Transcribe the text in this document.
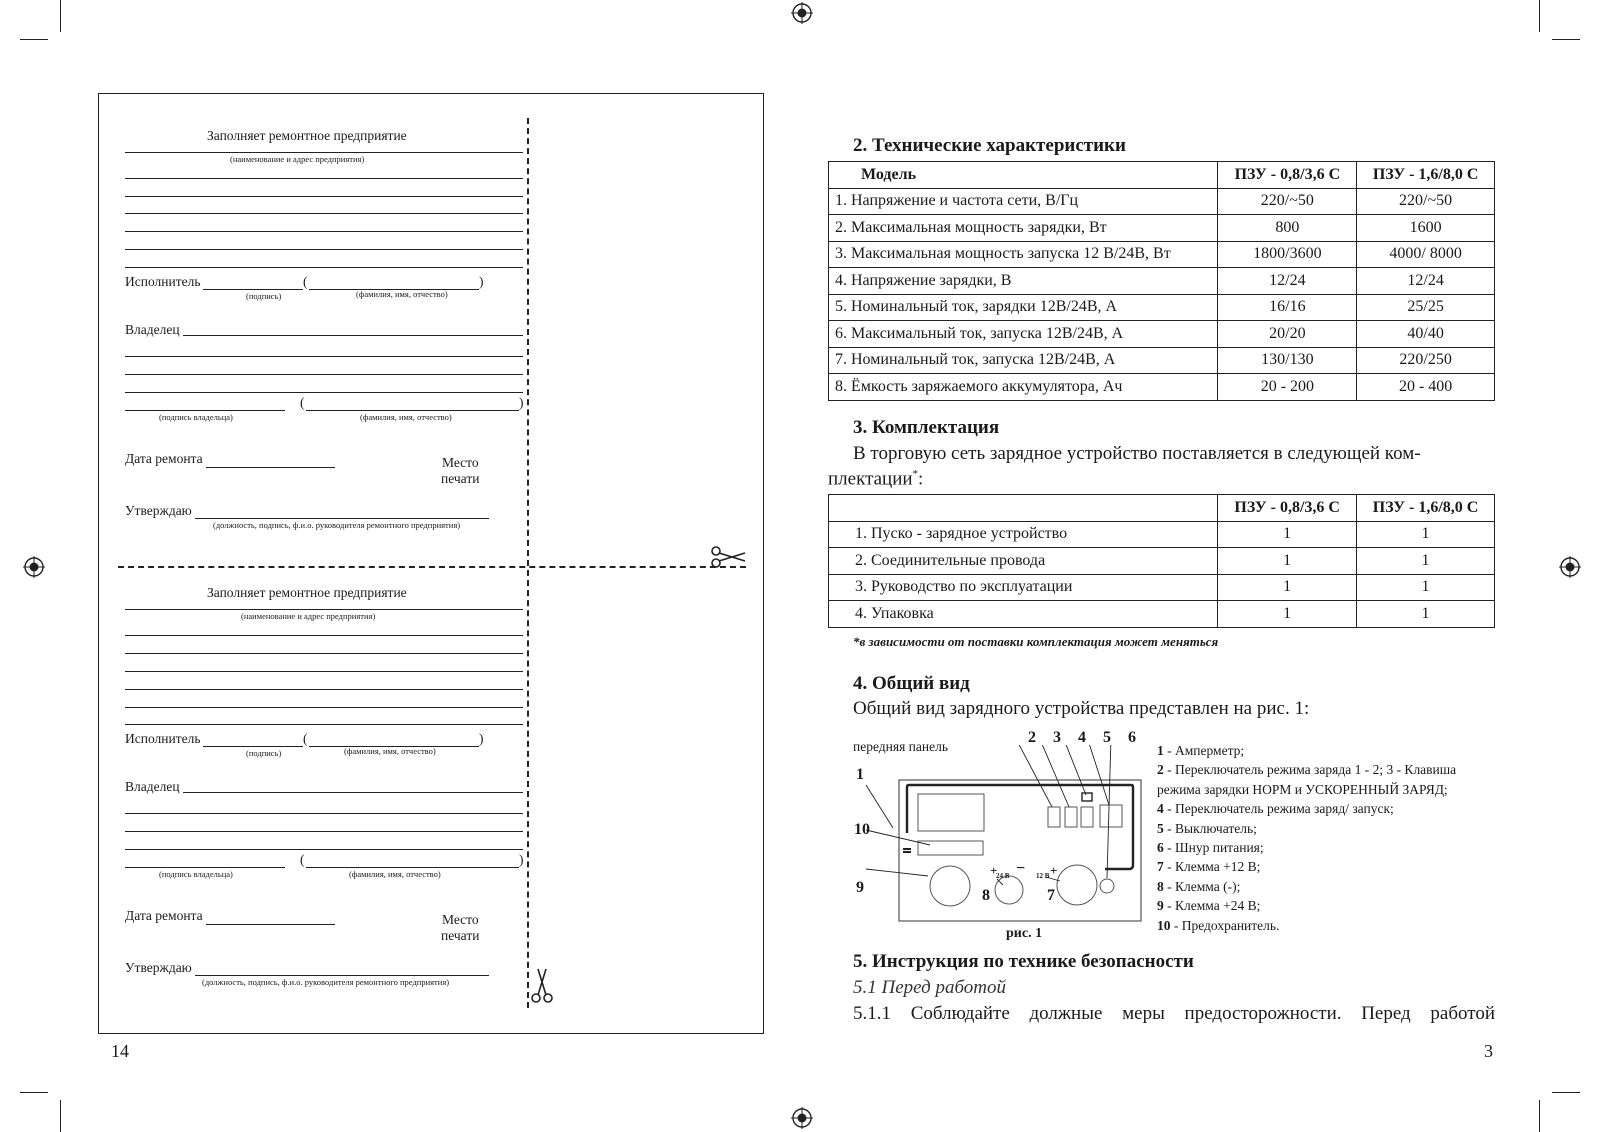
Заполняет ремонтное предприятие
(наименование и адрес предприятия)
Исполнитель	(	)
(подпись)	(фамилия, имя, отчество)
Владелец
(	)
(подпись владельца)	(фамилия, имя, отчество)
Дата ремонта	Место
печати
Утверждаю
(должность, подпись, ф.и.о. руководителя ремонтного предприятия)
Заполняет ремонтное предприятие
(наименование и адрес предприятия)
Исполнитель	(	)
(подпись)	(фамилия, имя, отчество)
Владелец
(	)
(подпись владельца)	(фамилия, имя, отчество)
Дата ремонта	Место
печати
Утверждаю
(должность, подпись, ф.и.о. руководителя ремонтного предприятия)
14
2. Технические характеристики
Модель	ПЗУ - 0,8/3,6 С	ПЗУ - 1,6/8,0 С
1. Напряжение и частота сети, В/Гц	220/~50	220/~50
2. Максимальная мощность зарядки, Вт	800	1600
3. Максимальная мощность запуска 12 В/24В, Вт	1800/3600	4000/ 8000
4. Напряжение зарядки, В	12/24	12/24
5. Номинальный ток, зарядки 12В/24В, А	16/16	25/25
6. Максимальный ток, запуска 12В/24В, А	20/20	40/40
7. Номинальный ток, запуска 12В/24В, А	130/130	220/250
8. Ёмкость заряжаемого аккумулятора, Ач	20 - 200	20 - 400
3. Комплектация
В торговую сеть зарядное устройство поставляется в следующей ком-
плектации*:
	ПЗУ - 0,8/3,6 С	ПЗУ - 1,6/8,0 С
1. Пуско - зарядное устройство	1	1
2. Соединительные провода	1	1
3. Руководство по эксплуатации	1	1
4. Упаковка	1	1
*в зависимости от поставки комплектация может меняться
4. Общий вид
Общий вид зарядного устройства представлен на рис. 1:
передняя панель
1
2 3 4 5 6
10
9	8	7
+
24 В − 12 В +
рис. 1
1 - Амперметр;
2 - Переключатель режима заряда 1 - 2; 3 - Клавиша
режима зарядки НОРМ и УСКОРЕННЫЙ ЗАРЯД;
4 - Переключатель режима заряд/ запуск;
5 - Выключатель;
6 - Шнур питания;
7 - Клемма +12 В;
8 - Клемма (-);
9 - Клемма +24 В;
10 - Предохранитель.
5. Инструкция по технике безопасности
5.1 Перед работой
5.1.1 Соблюдайте должные меры предосторожности. Перед работой
3
